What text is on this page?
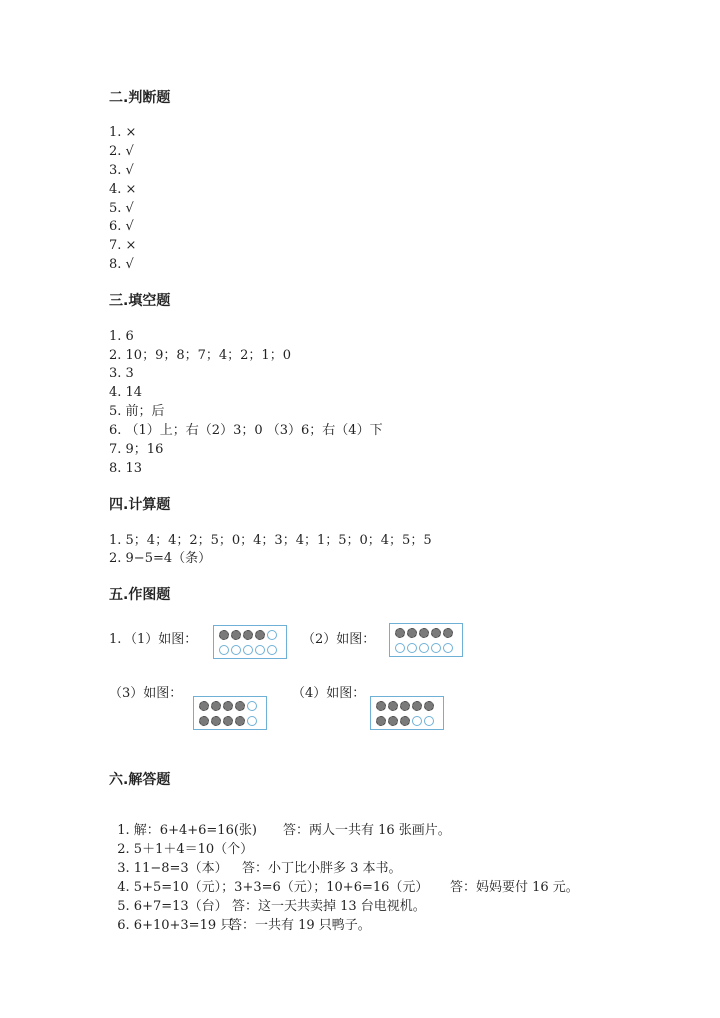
二.判断题
1. ×
2. √
3. √
4. ×
5. √
6. √
7. ×
8. √
三.填空题
1. 6
2. 10；9；8；7；4；2；1；0
3. 3
4. 14
5. 前；后
6. （1）上；右（2）3；0 （3）6；右（4）下
7. 9；16
8. 13
四.计算题
1. 5；4；4；2；5；0；4；3；4；1；5；0；4；5；5
2. 9−5=4（条）
五.作图题
1.
（1）如图：	（2）如图：
（3）如图：	（4）如图：
六.解答题

1. 解：6+4+6=16(张) 答：两人一共有 16 张画片。

2. 5＋1＋4＝10（个）

3. 11−8=3（本） 答：小丁比小胖多 3 本书。

4. 5+5=10（元）；3+3=6（元）；10+6=16（元） 答：妈妈要付 16 元。

5. 6+7=13（台） 答：这一天共卖掉 13 台电视机。

6. 6+10+3=19 只
答：一共有 19 只鸭子。
